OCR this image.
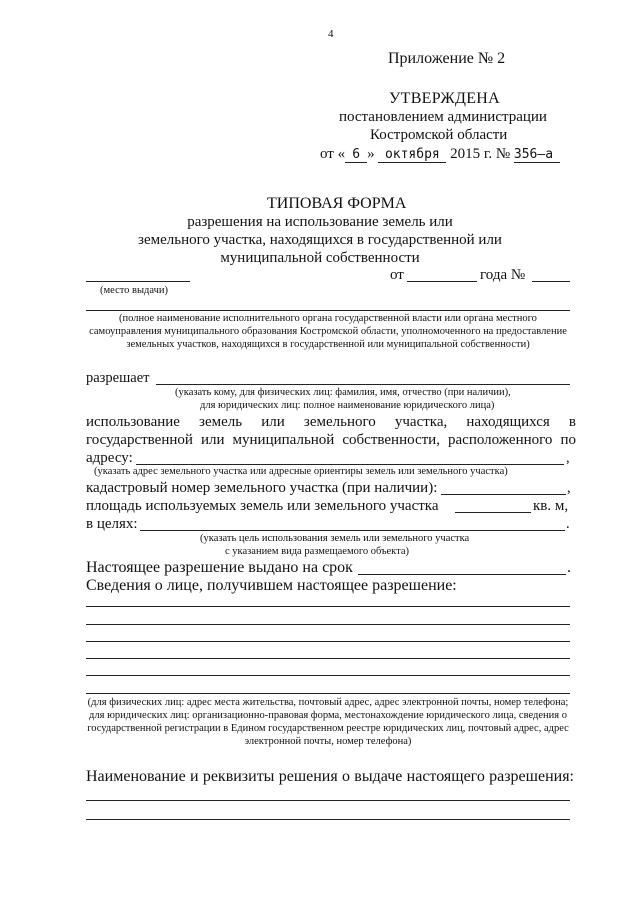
4
Приложение № 2
УТВЕРЖДЕНА
постановлением администрации
Костромской области
от « 6 » октября 2015 г. № 356–а
ТИПОВАЯ ФОРМА
разрешения на использование земель или
земельного участка, находящихся в государственной или
муниципальной собственности
от	года №
(место выдачи)
(полное наименование исполнительного органа государственной власти или органа местного самоуправления муниципального образования Костромской области, уполномоченного на предоставление земельных участков, находящихся в государственной или муниципальной собственности)
разрешает
(указать кому, для физических лиц: фамилия, имя, отчество (при наличии),
для юридических лиц: полное наименование юридического лица)
использование земель или земельного участка, находящихся в
государственной или муниципальной собственности, расположенного по
адресу:	,
(указать адрес земельного участка или адресные ориентиры земель или земельного участка)
кадастровый номер земельного участка (при наличии):	,
площадь используемых земель или земельного участка	кв. м,
в целях:	.
(указать цель использования земель или земельного участка
с указанием вида размещаемого объекта)
Настоящее разрешение выдано на срок	.
Сведения о лице, получившем настоящее разрешение:
(для физических лиц: адрес места жительства, почтовый адрес, адрес электронной почты, номер телефона; для юридических лиц: организационно-правовая форма, местонахождение юридического лица, сведения о государственной регистрации в Едином государственном реестре юридических лиц, почтовый адрес, адрес электронной почты, номер телефона)
Наименование и реквизиты решения о выдаче настоящего разрешения:
